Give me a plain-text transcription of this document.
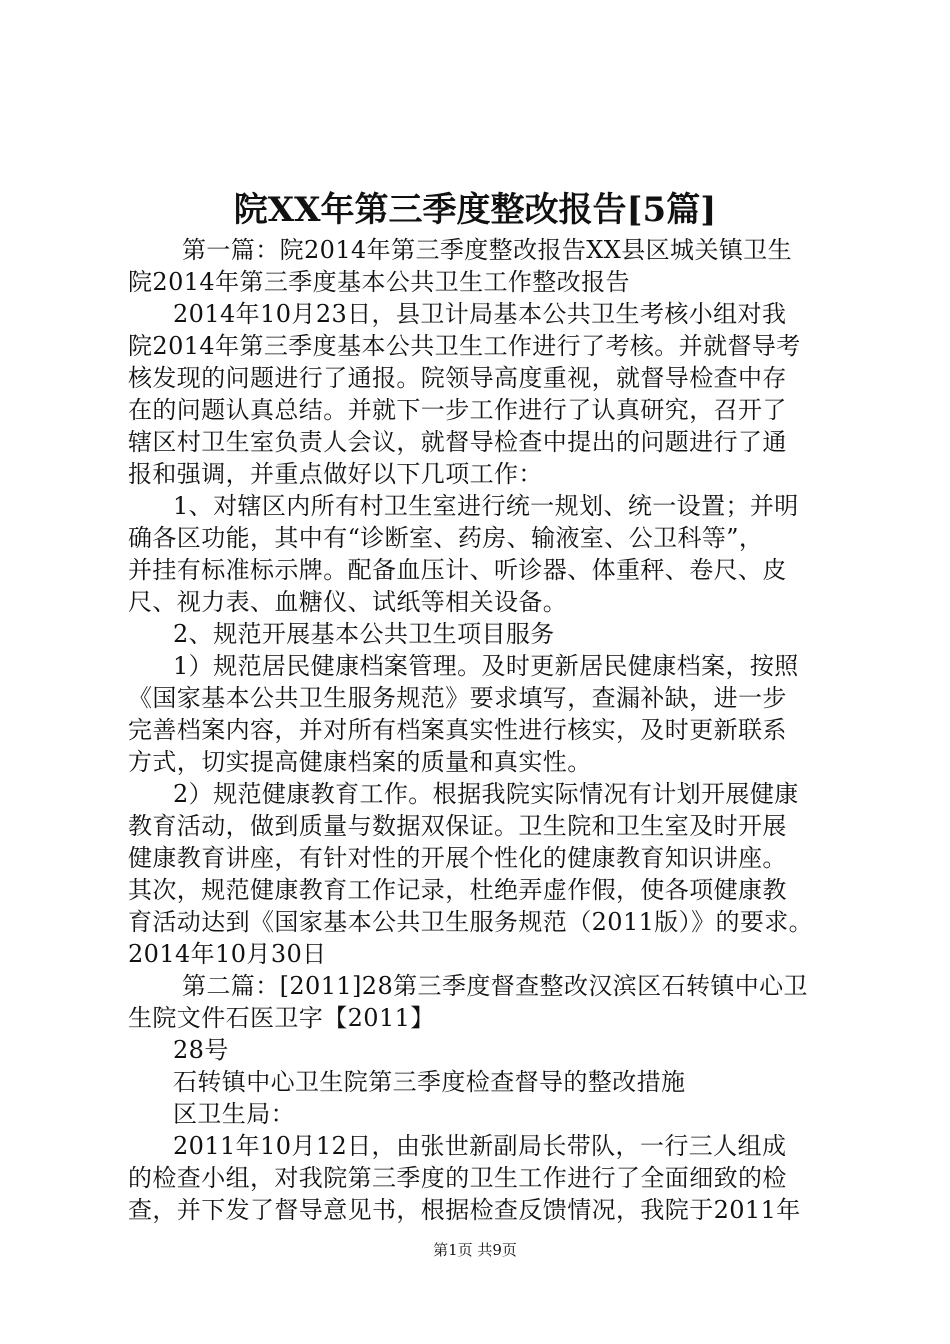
院XX年第三季度整改报告[5篇]
第一篇：院2014年第三季度整改报告XX县区城关镇卫生
院2014年第三季度基本公共卫生工作整改报告
2014年10月23日，县卫计局基本公共卫生考核小组对我
院2014年第三季度基本公共卫生工作进行了考核。并就督导考
核发现的问题进行了通报。院领导高度重视，就督导检查中存
在的问题认真总结。并就下一步工作进行了认真研究，召开了
辖区村卫生室负责人会议，就督导检查中提出的问题进行了通
报和强调，并重点做好以下几项工作：
1、对辖区内所有村卫生室进行统一规划、统一设置；并明
确各区功能，其中有“诊断室、药房、输液室、公卫科等”，
并挂有标准标示牌。配备血压计、听诊器、体重秤、卷尺、皮
尺、视力表、血糖仪、试纸等相关设备。
2、规范开展基本公共卫生项目服务
1）规范居民健康档案管理。及时更新居民健康档案，按照
《国家基本公共卫生服务规范》要求填写，查漏补缺，进一步
完善档案内容，并对所有档案真实性进行核实，及时更新联系
方式，切实提高健康档案的质量和真实性。
2）规范健康教育工作。根据我院实际情况有计划开展健康
教育活动，做到质量与数据双保证。卫生院和卫生室及时开展
健康教育讲座，有针对性的开展个性化的健康教育知识讲座。
其次，规范健康教育工作记录，杜绝弄虚作假，使各项健康教
育活动达到《国家基本公共卫生服务规范（2011版）》的要求。
2014年10月30日
第二篇：[2011]28第三季度督查整改汉滨区石转镇中心卫
生院文件石医卫字【2011】
28号
石转镇中心卫生院第三季度检查督导的整改措施
区卫生局：
2011年10月12日，由张世新副局长带队，一行三人组成
的检查小组，对我院第三季度的卫生工作进行了全面细致的检
查，并下发了督导意见书，根据检查反馈情况，我院于2011年
第1页 共9页
